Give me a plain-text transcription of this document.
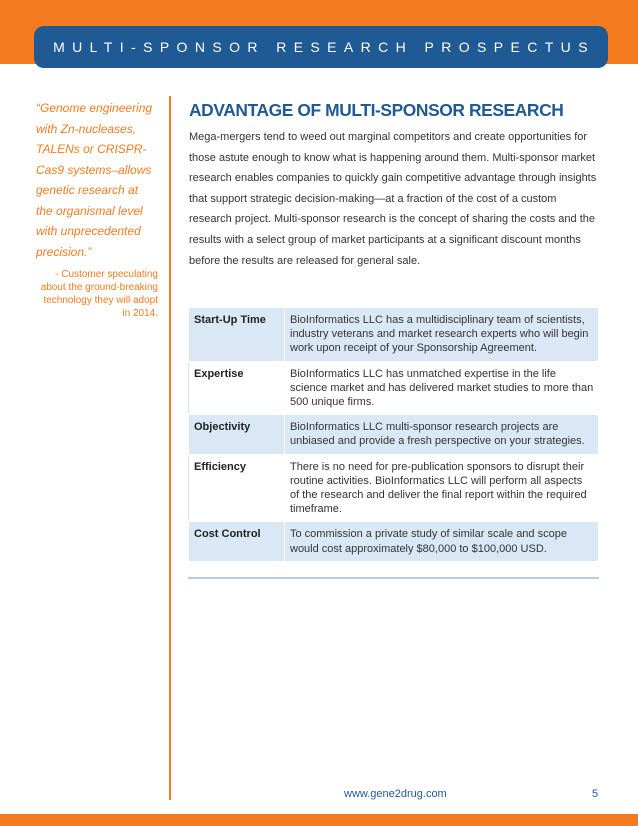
MULTI-SPONSOR RESEARCH PROSPECTUS
“Genome engineering with Zn-nucleases, TALENs or CRISPR-Cas9 systems–allows genetic research at the organismal level with unprecedented precision.”
- Customer speculating about the ground-breaking technology they will adopt in 2014.
ADVANTAGE OF MULTI-SPONSOR RESEARCH

Mega-mergers tend to weed out marginal competitors and create opportunities for those astute enough to know what is happening around them. Multi-sponsor market research enables companies to quickly gain competitive advantage through insights that support strategic decision-making—at a fraction of the cost of a custom research project. Multi-sponsor research is the concept of sharing the costs and the results with a select group of market participants at a significant discount months before the results are released for general sale.

Start-Up Time	BioInformatics LLC has a multidisciplinary team of scientists, industry veterans and market research experts who will begin work upon receipt of your Sponsorship Agreement.
Expertise	BioInformatics LLC has unmatched expertise in the life science market and has delivered market studies to more than 500 unique firms.
Objectivity	BioInformatics LLC multi-sponsor research projects are unbiased and provide a fresh perspective on your strategies.
Efficiency	There is no need for pre-publication sponsors to disrupt their routine activities. BioInformatics LLC will perform all aspects of the research and deliver the final report within the required timeframe.
Cost Control	To commission a private study of similar scale and scope would cost approximately $80,000 to $100,000 USD.
www.gene2drug.com	5
